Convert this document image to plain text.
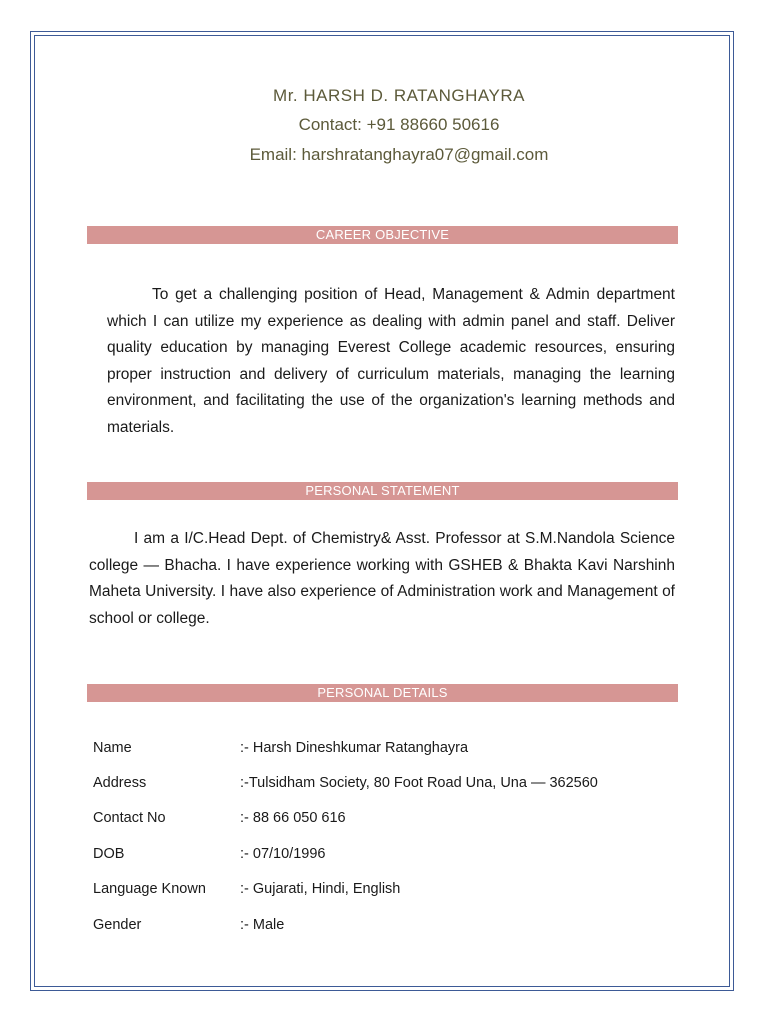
Mr. HARSH D. RATANGHAYRA
Contact: +91 88660 50616
Email: harshratanghayra07@gmail.com
CAREER OBJECTIVE
To get a challenging position of Head, Management & Admin department which I can utilize my experience as dealing with admin panel and staff. Deliver quality education by managing Everest College academic resources, ensuring proper instruction and delivery of curriculum materials, managing the learning environment, and facilitating the use of the organization's learning methods and materials.
PERSONAL STATEMENT
I am a I/C.Head Dept. of Chemistry& Asst. Professor at S.M.Nandola Science college — Bhacha. I have experience working with GSHEB & Bhakta Kavi Narshinh Maheta University. I have also experience of Administration work and Management of school or college.
PERSONAL DETAILS
Name	:- Harsh Dineshkumar Ratanghayra
Address	:-Tulsidham Society, 80 Foot Road Una, Una — 362560
Contact No	:- 88 66 050 616
DOB	:- 07/10/1996
Language Known	:- Gujarati, Hindi, English
Gender	:- Male
